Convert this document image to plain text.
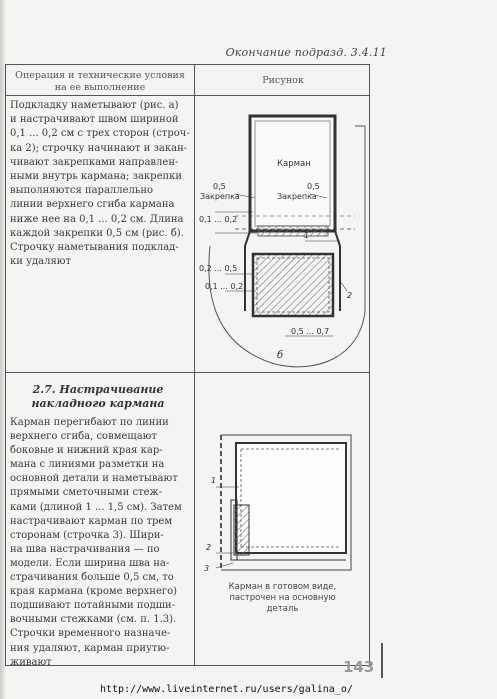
Окончание подразд. 3.4.11
Операция и технические условия
на ее выполнение
Рисунок
Подкладку наметывают (рис. а)
и настрачивают швом шириной
0,1 ... 0,2 см с трех сторон (строч-
ка 2); строчку начинают и закан-
чивают закрепками направлен-
ными внутрь кармана; закрепки
выполняются параллельно
линии верхнего сгиба кармана
ниже нее на 0,1 ... 0,2 см. Длина
каждой закрепки 0,5 см (рис. б).
Строчку наметывания подклад-
ки удаляют
Карман
0,5
Закрепка
0,5
Закрепка
0,1 ... 0,2
0,2 ... 0,5
0,1 ... 0,2
0,5 ... 0,7
1
2
б
2.7. Настрачивание
накладного кармана
Карман перегибают по линии
верхнего сгиба, совмещают
боковые и нижний края кар-
мана с линиями разметки на
основной детали и наметывают
прямыми сметочными стеж-
ками (длиной 1 ... 1,5 см). Затем
настрачивают карман по трем
сторонам (строчка 3). Шири-
на шва настрачивания — по
модели. Если ширина шва на-
страчивания больше 0,5 см, то
края кармана (кроме верхнего)
подшивают потайными подши-
вочными стежками (см. п. 1.3).
Строчки временного назначе-
ния удаляют, карман приутю-
живают
1
2
3
Карман в готовом виде,
пастрочен на основную
деталь
143
http://www.liveinternet.ru/users/galina_o/
